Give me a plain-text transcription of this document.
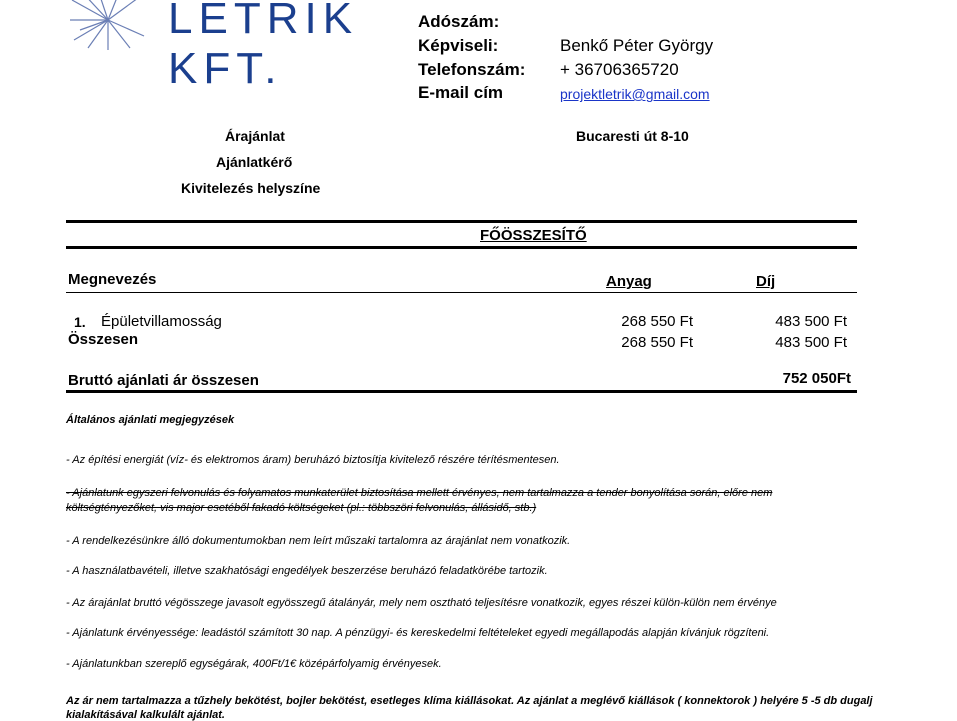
LETRIK KFT.
Adószám:
Képviseli:	Benkő Péter György
Telefonszám: + 36706365720
E-mail cím	projektletrik@gmail.com
Árajánlat	Bucaresti út 8-10
Ajánlatkérő
Kivitelezés helyszíne
FŐÖSSZESÍTŐ
Megnevezés	Anyag	Díj
1. Épületvillamosság	268 550 Ft	483 500 Ft
Összesen	268 550 Ft	483 500 Ft
Bruttó ajánlati ár összesen	752 050Ft
Általános ajánlati megjegyzések
- Az építési energiát (víz- és elektromos áram) beruházó biztosítja kivitelező részére térítésmentesen.
- Ajánlatunk egyszeri felvonulás és folyamatos munkaterület biztosítása mellett érvényes, nem tartalmazza a tender bonyolítása során, előre nem
költségtényezőket, vis major esetéből fakadó költségeket (pl.: többszöri felvonulás, állásidő, stb.)
- A rendelkezésünkre álló dokumentumokban nem leírt műszaki tartalomra az árajánlat nem vonatkozik.
- A használatbavételi, illetve szakhatósági engedélyek beszerzése beruházó feladatkörébe tartozik.
- Az árajánlat bruttó végösszege javasolt egyösszegű átalányár, mely nem osztható teljesítésre vonatkozik, egyes részei külön-külön nem érvénye
- Ajánlatunk érvényessége: leadástól számított 30 nap. A pénzügyi- és kereskedelmi feltételeket egyedi megállapodás alapján kívánjuk rögzíteni.
- Ajánlatunkban szereplő egységárak, 400Ft/1€ középárfolyamig érvényesek.
Az ár nem tartalmazza a tűzhely bekötést, bojler bekötést, esetleges klíma kiállásokat. Az ajánlat a meglévő kiállások ( konnektorok ) helyére 5 -5 db dugalj
kialakításával kalkulált ajánlat.
